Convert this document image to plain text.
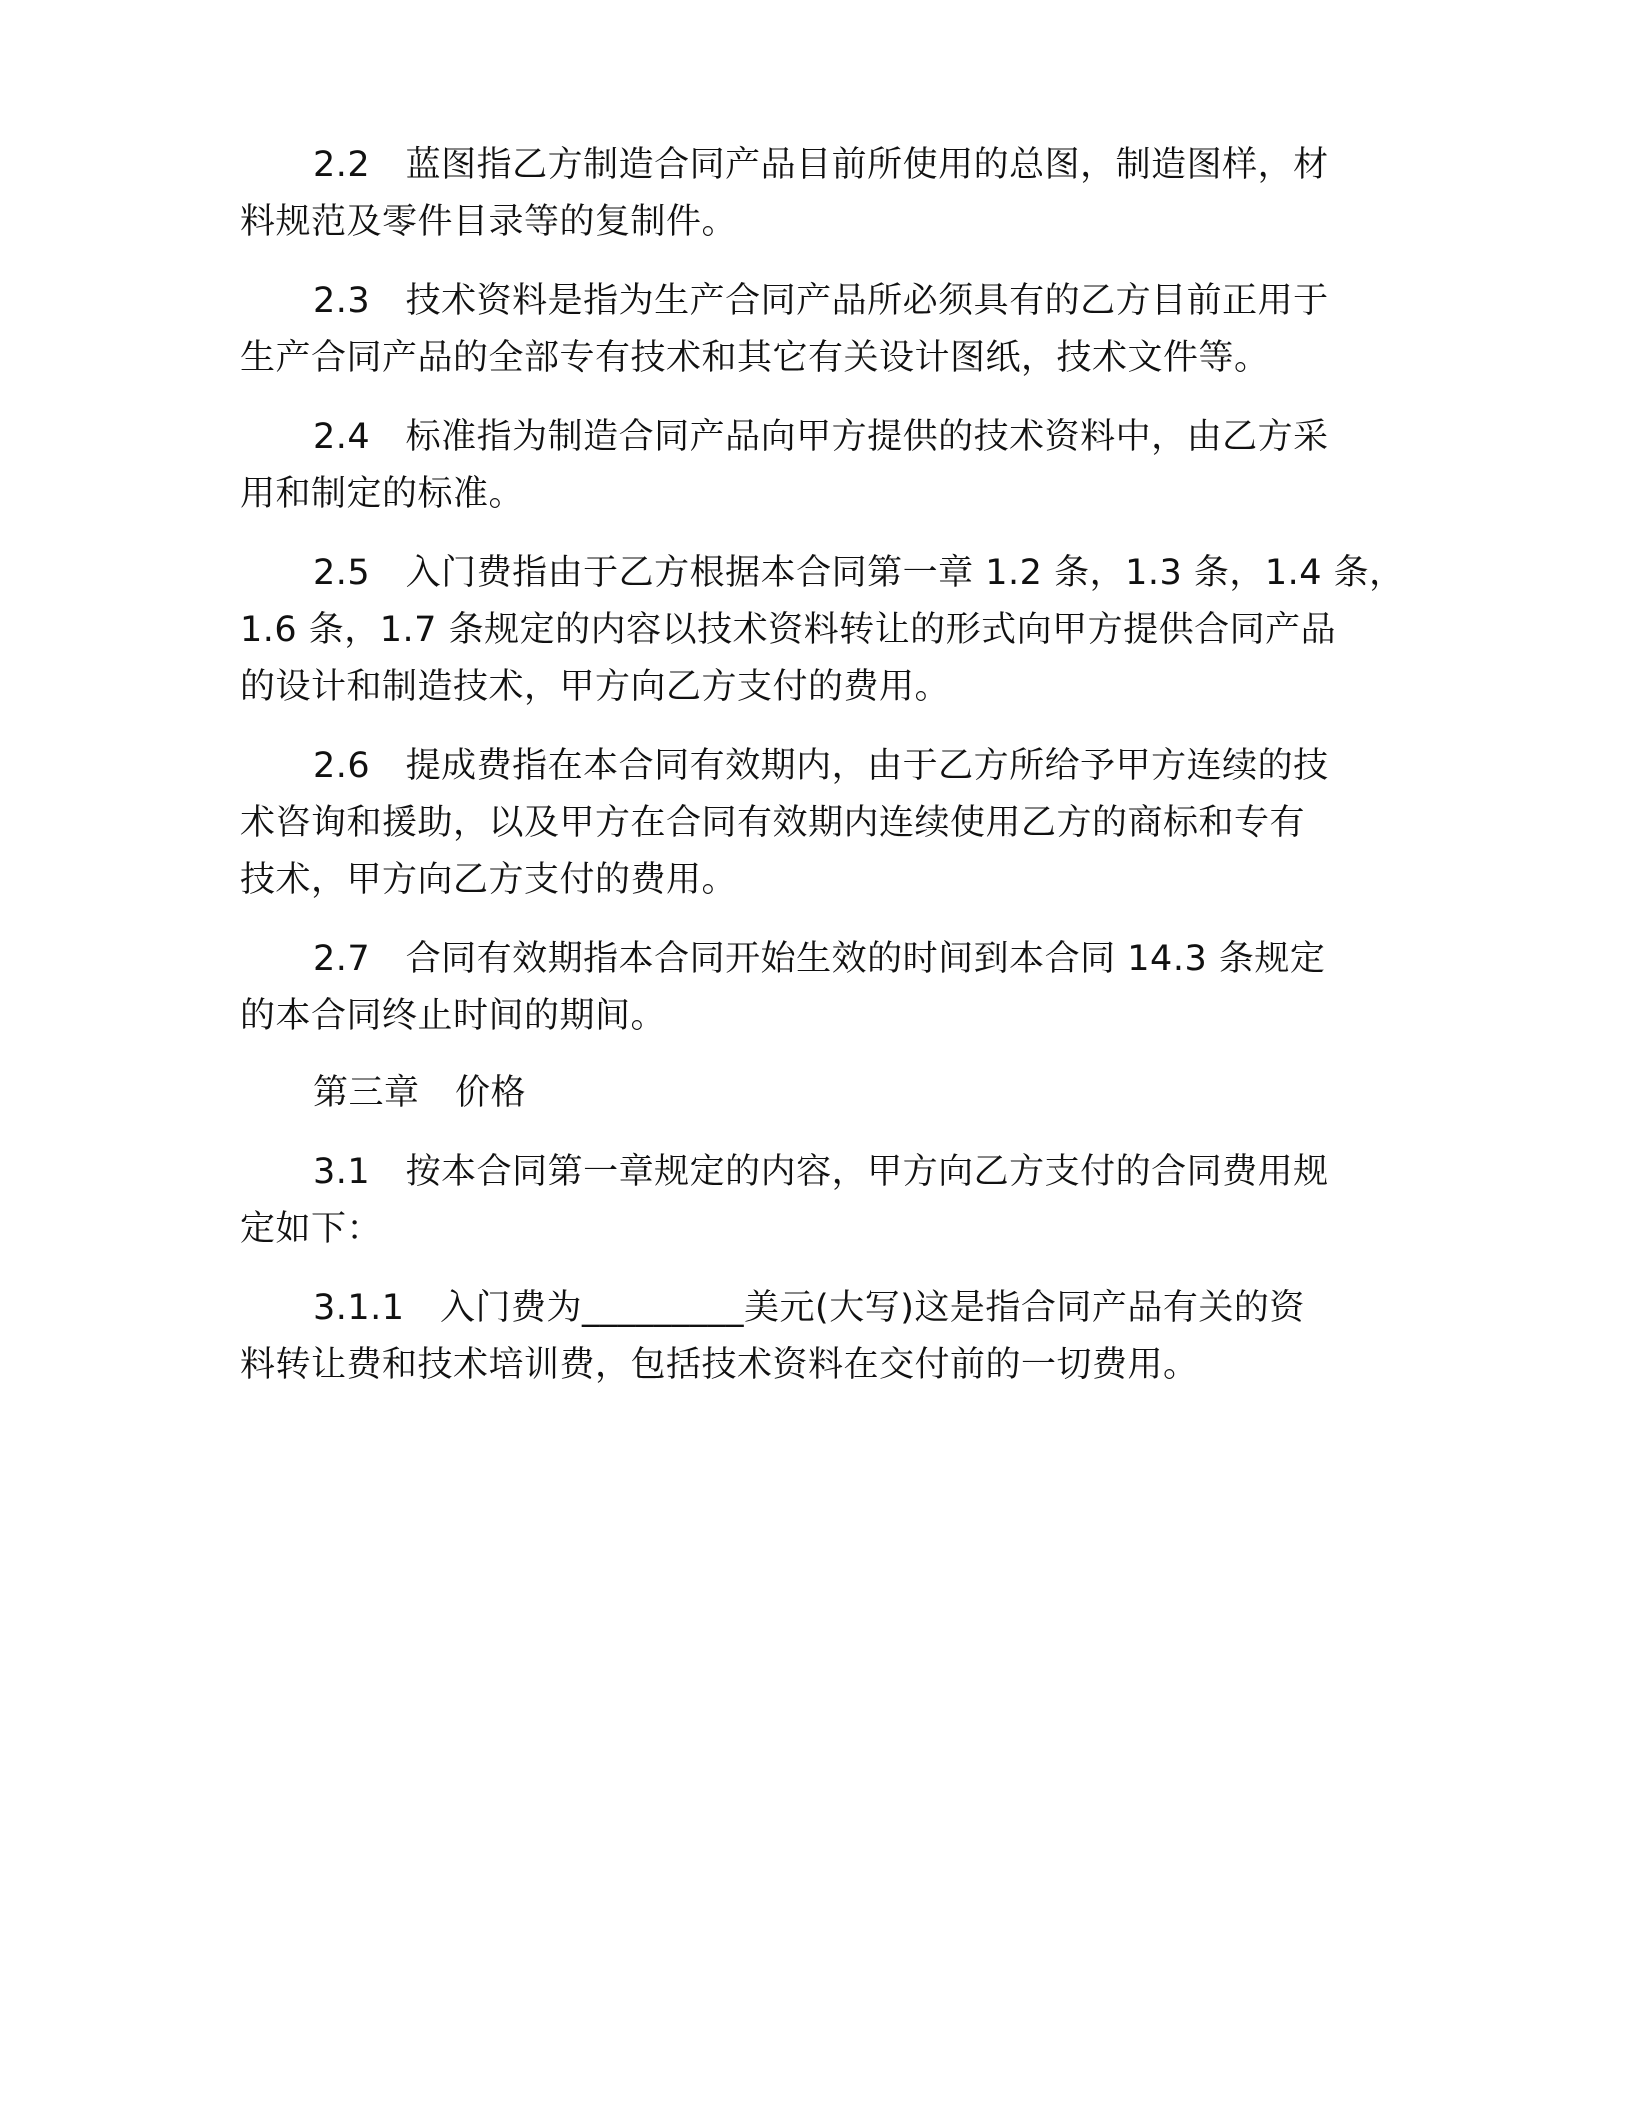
2.2　蓝图指乙方制造合同产品目前所使用的总图，制造图样，材
料规范及零件目录等的复制件。
2.3　技术资料是指为生产合同产品所必须具有的乙方目前正用于
生产合同产品的全部专有技术和其它有关设计图纸，技术文件等。
2.4　标准指为制造合同产品向甲方提供的技术资料中，由乙方采
用和制定的标准。
2.5　入门费指由于乙方根据本合同第一章 1.2 条，1.3 条，1.4 条，
1.6 条，1.7 条规定的内容以技术资料转让的形式向甲方提供合同产品
的设计和制造技术，甲方向乙方支付的费用。
2.6　提成费指在本合同有效期内，由于乙方所给予甲方连续的技
术咨询和援助，以及甲方在合同有效期内连续使用乙方的商标和专有
技术，甲方向乙方支付的费用。
2.7　合同有效期指本合同开始生效的时间到本合同 14.3 条规定
的本合同终止时间的期间。
第三章　价格
3.1　按本合同第一章规定的内容，甲方向乙方支付的合同费用规
定如下：
3.1.1　入门费为_________美元(大写)这是指合同产品有关的资
料转让费和技术培训费，包括技术资料在交付前的一切费用。
